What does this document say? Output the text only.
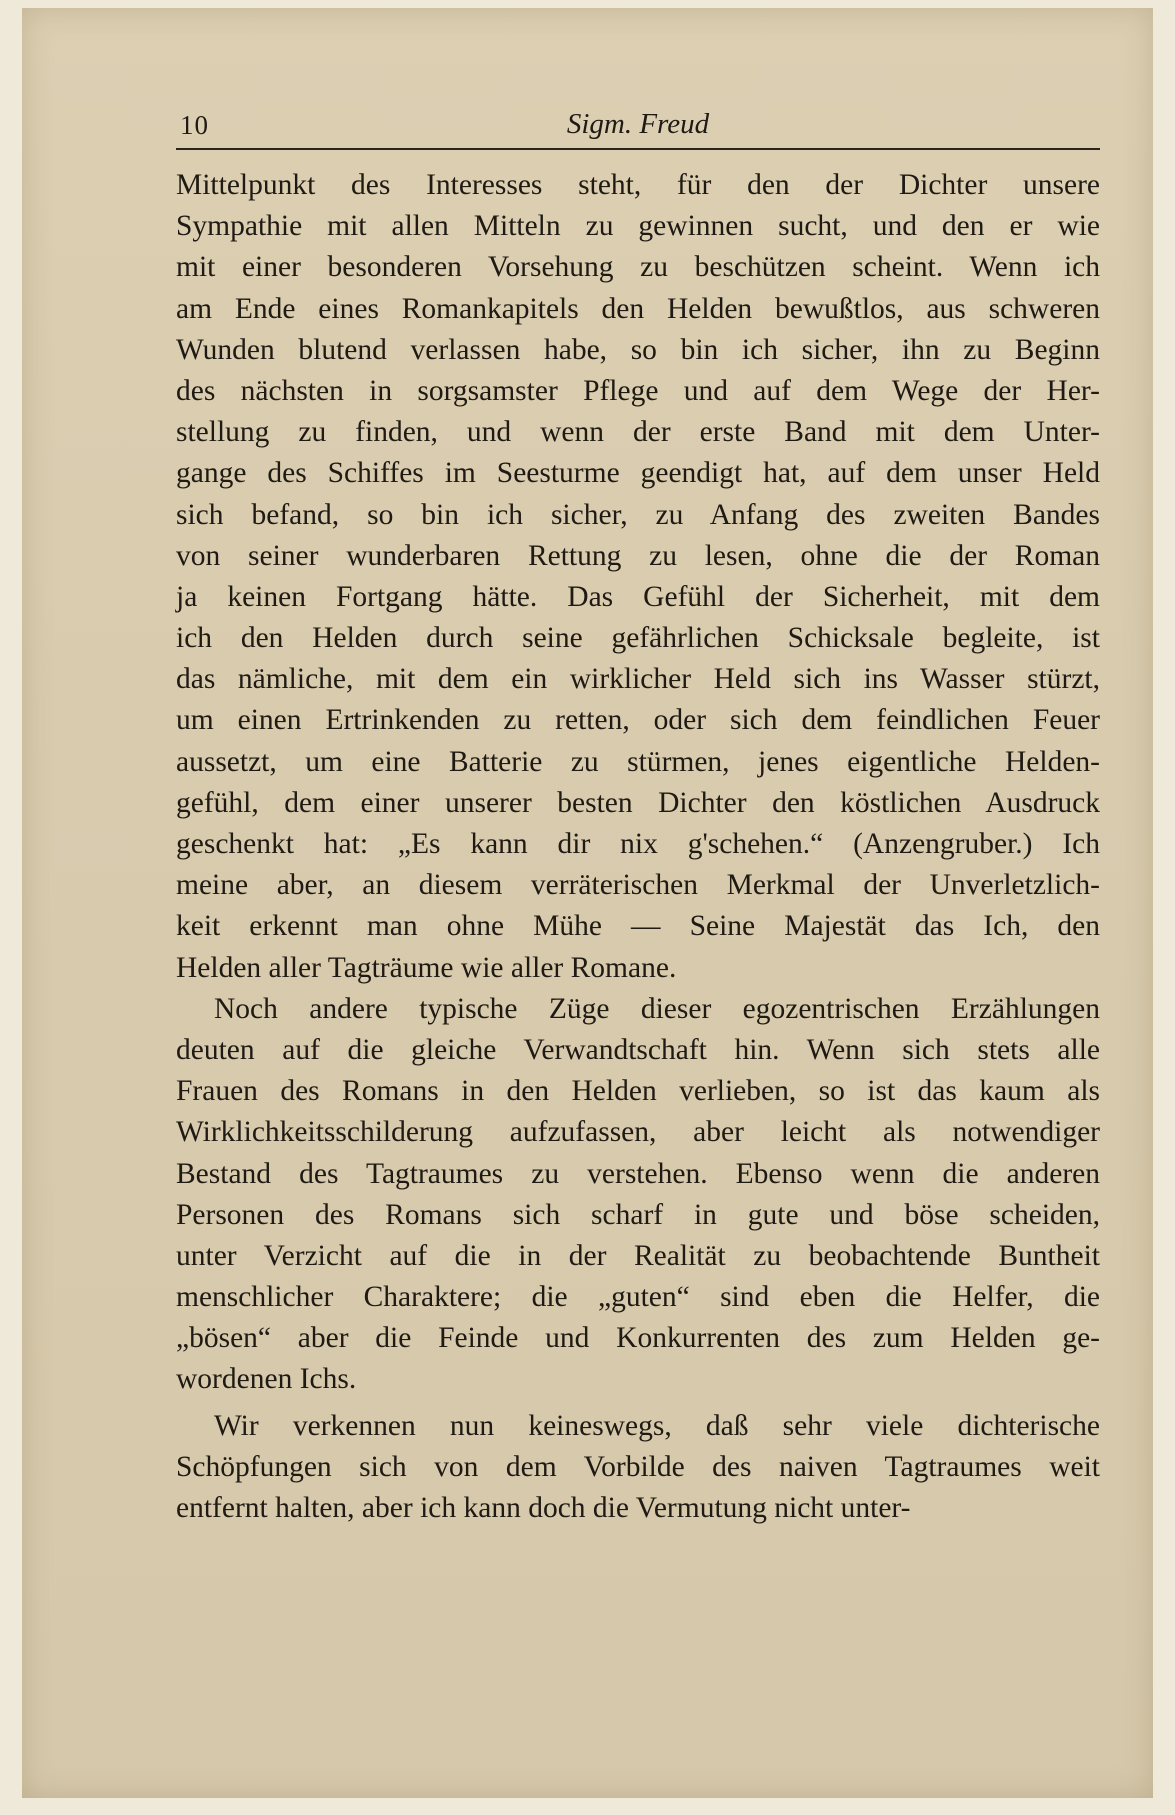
10	Sigm. Freud
Mittelpunkt des Interesses steht, für den der Dichter unsere
Sympathie mit allen Mitteln zu gewinnen sucht, und den er wie
mit einer besonderen Vorsehung zu beschützen scheint. Wenn ich
am Ende eines Romankapitels den Helden bewußtlos, aus schweren
Wunden blutend verlassen habe, so bin ich sicher, ihn zu Beginn
des nächsten in sorgsamster Pflege und auf dem Wege der Her-
stellung zu finden, und wenn der erste Band mit dem Unter-
gange des Schiffes im Seesturme geendigt hat, auf dem unser Held
sich befand, so bin ich sicher, zu Anfang des zweiten Bandes
von seiner wunderbaren Rettung zu lesen, ohne die der Roman
ja keinen Fortgang hätte. Das Gefühl der Sicherheit, mit dem
ich den Helden durch seine gefährlichen Schicksale begleite, ist
das nämliche, mit dem ein wirklicher Held sich ins Wasser stürzt,
um einen Ertrinkenden zu retten, oder sich dem feindlichen Feuer
aussetzt, um eine Batterie zu stürmen, jenes eigentliche Helden-
gefühl, dem einer unserer besten Dichter den köstlichen Ausdruck
geschenkt hat: „Es kann dir nix g'schehen.“ (Anzengruber.) Ich
meine aber, an diesem verräterischen Merkmal der Unverletzlich-
keit erkennt man ohne Mühe — Seine Majestät das Ich, den
Helden aller Tagträume wie aller Romane.
Noch andere typische Züge dieser egozentrischen Erzählungen
deuten auf die gleiche Verwandtschaft hin. Wenn sich stets alle
Frauen des Romans in den Helden verlieben, so ist das kaum als
Wirklichkeitsschilderung aufzufassen, aber leicht als notwendiger
Bestand des Tagtraumes zu verstehen. Ebenso wenn die anderen
Personen des Romans sich scharf in gute und böse scheiden,
unter Verzicht auf die in der Realität zu beobachtende Buntheit
menschlicher Charaktere; die „guten“ sind eben die Helfer, die
„bösen“ aber die Feinde und Konkurrenten des zum Helden ge-
wordenen Ichs.
Wir verkennen nun keineswegs, daß sehr viele dichterische
Schöpfungen sich von dem Vorbilde des naiven Tagtraumes weit
entfernt halten, aber ich kann doch die Vermutung nicht unter-
